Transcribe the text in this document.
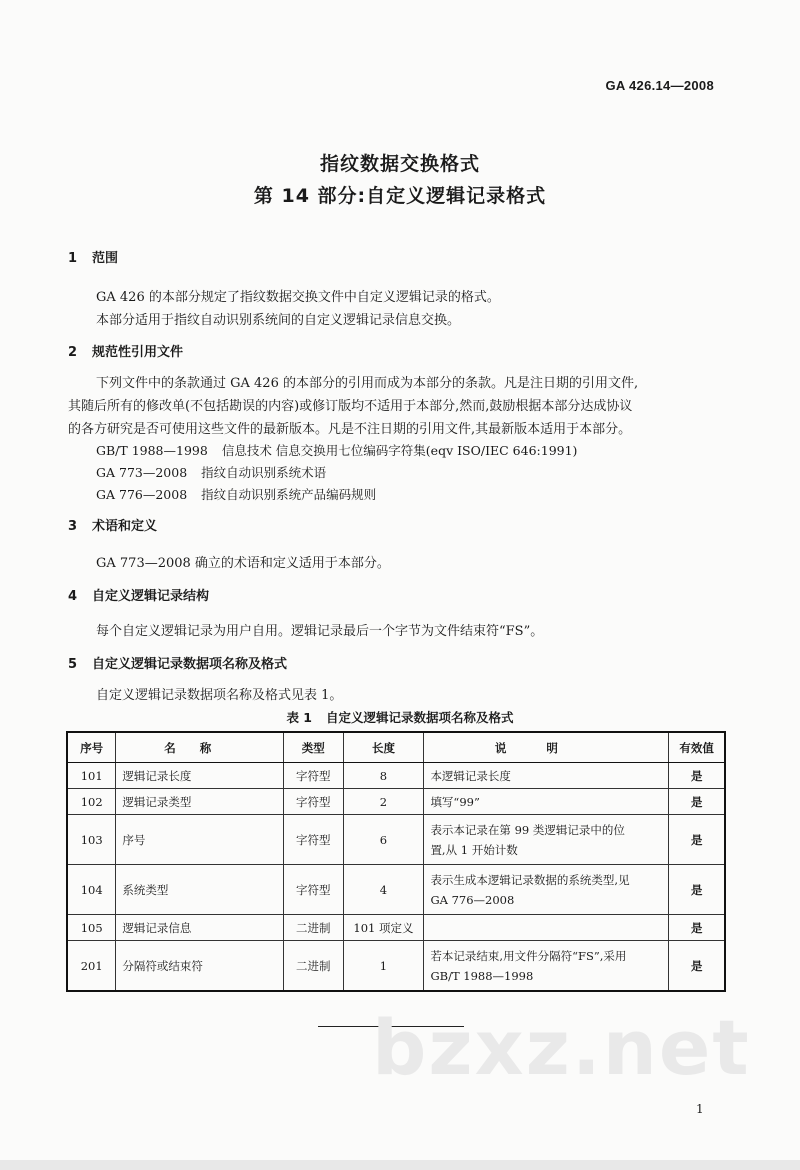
GA 426.14—2008
指纹数据交换格式
第 14 部分:自定义逻辑记录格式
1 范围
GA 426 的本部分规定了指纹数据交换文件中自定义逻辑记录的格式。
本部分适用于指纹自动识别系统间的自定义逻辑记录信息交换。
2 规范性引用文件
下列文件中的条款通过 GA 426 的本部分的引用而成为本部分的条款。凡是注日期的引用文件,
其随后所有的修改单(不包括勘误的内容)或修订版均不适用于本部分,然而,鼓励根据本部分达成协议
的各方研究是否可使用这些文件的最新版本。凡是不注日期的引用文件,其最新版本适用于本部分。
GB/T 1988—1998 信息技术 信息交换用七位编码字符集(eqv ISO/IEC 646:1991)
GA 773—2008 指纹自动识别系统术语
GA 776—2008 指纹自动识别系统产品编码规则
3 术语和定义
GA 773—2008 确立的术语和定义适用于本部分。
4 自定义逻辑记录结构
每个自定义逻辑记录为用户自用。逻辑记录最后一个字节为文件结束符“FS”。
5 自定义逻辑记录数据项名称及格式
自定义逻辑记录数据项名称及格式见表 1。
表 1 自定义逻辑记录数据项名称及格式
序号	名称	类型	长度	说明	有效值
101	逻辑记录长度	字符型	8	本逻辑记录长度	是
102	逻辑记录类型	字符型	2	填写“99”	是
103	序号	字符型	6	表示本记录在第 99 类逻辑记录中的位
置,从 1 开始计数	是
104	系统类型	字符型	4	表示生成本逻辑记录数据的系统类型,见
GA 776—2008	是
105	逻辑记录信息	二进制	101 项定义		是
201	分隔符或结束符	二进制	1	若本记录结束,用文件分隔符“FS”,采用
GB/T 1988—1998	是
bzxz.net
1
